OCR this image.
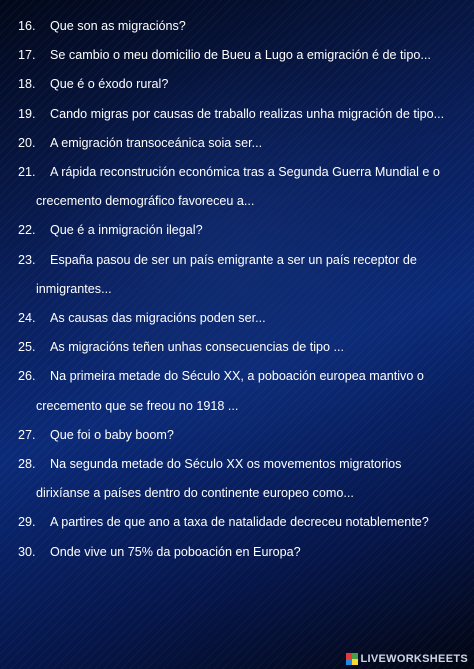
16. Que son as migracións?
17. Se cambio o meu domicilio de Bueu a Lugo a emigración é de tipo...
18. Que é o éxodo rural?
19. Cando migras por causas de traballo realizas unha migración de tipo...
20. A emigración transoceánica soia ser...
21. A rápida reconstrución económica tras a Segunda Guerra Mundial e o crecemento demográfico favoreceu a...
22. Que é a inmigración ilegal?
23. España pasou de ser un país emigrante a ser un país receptor de inmigrantes...
24. As causas das migracións poden ser...
25. As migracións teñen unhas consecuencias de tipo ...
26. Na primeira metade do Século XX, a poboación europea mantivo o crecemento que se freou no 1918 ...
27. Que foi o baby boom?
28. Na segunda metade do Século XX os movementos migratorios dirixíanse a países dentro do continente europeo como...
29. A partires de que ano a taxa de natalidade decreceu notablemente?
30. Onde vive un 75% da poboación en Europa?
LIVEWORKSHEETS
